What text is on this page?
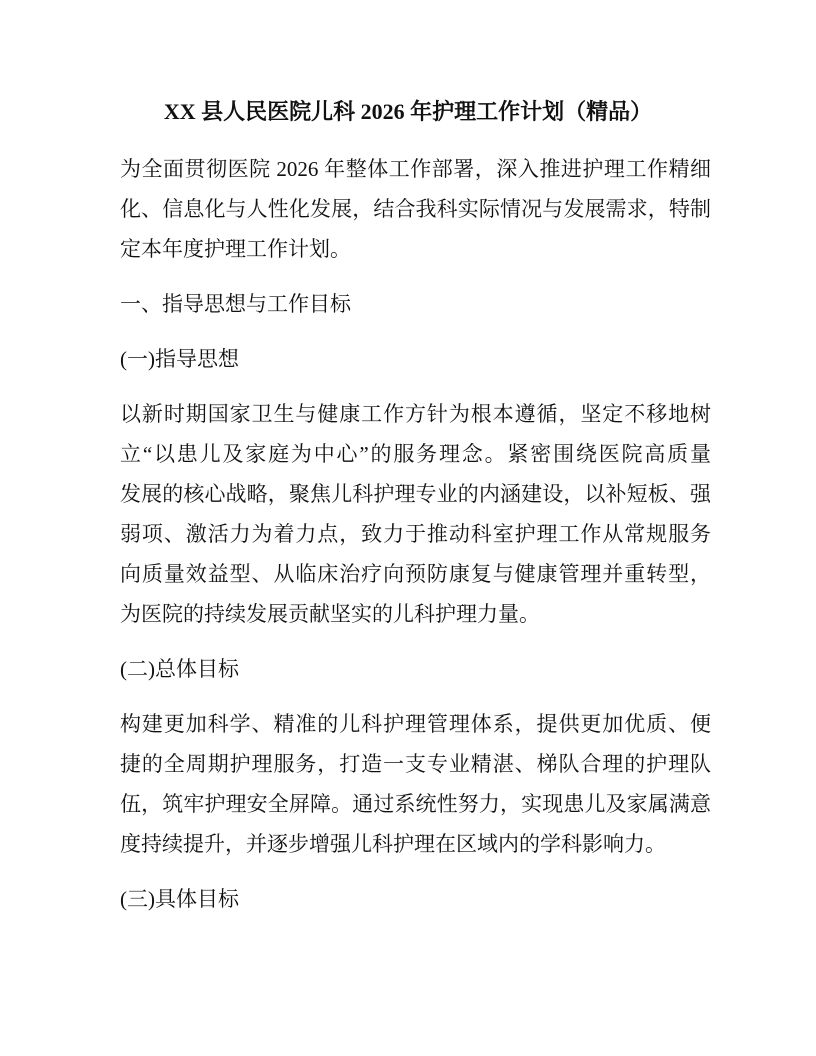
XX 县人民医院儿科 2026 年护理工作计划（精品）
为全面贯彻医院 2026 年整体工作部署，深入推进护理工作精细
化、信息化与人性化发展，结合我科实际情况与发展需求，特制
定本年度护理工作计划。
一、指导思想与工作目标
(一)指导思想
以新时期国家卫生与健康工作方针为根本遵循，坚定不移地树
立“以患儿及家庭为中心”的服务理念。紧密围绕医院高质量
发展的核心战略，聚焦儿科护理专业的内涵建设，以补短板、强
弱项、激活力为着力点，致力于推动科室护理工作从常规服务
向质量效益型、从临床治疗向预防康复与健康管理并重转型，
为医院的持续发展贡献坚实的儿科护理力量。
(二)总体目标
构建更加科学、精准的儿科护理管理体系，提供更加优质、便
捷的全周期护理服务，打造一支专业精湛、梯队合理的护理队
伍，筑牢护理安全屏障。通过系统性努力，实现患儿及家属满意
度持续提升，并逐步增强儿科护理在区域内的学科影响力。
(三)具体目标
